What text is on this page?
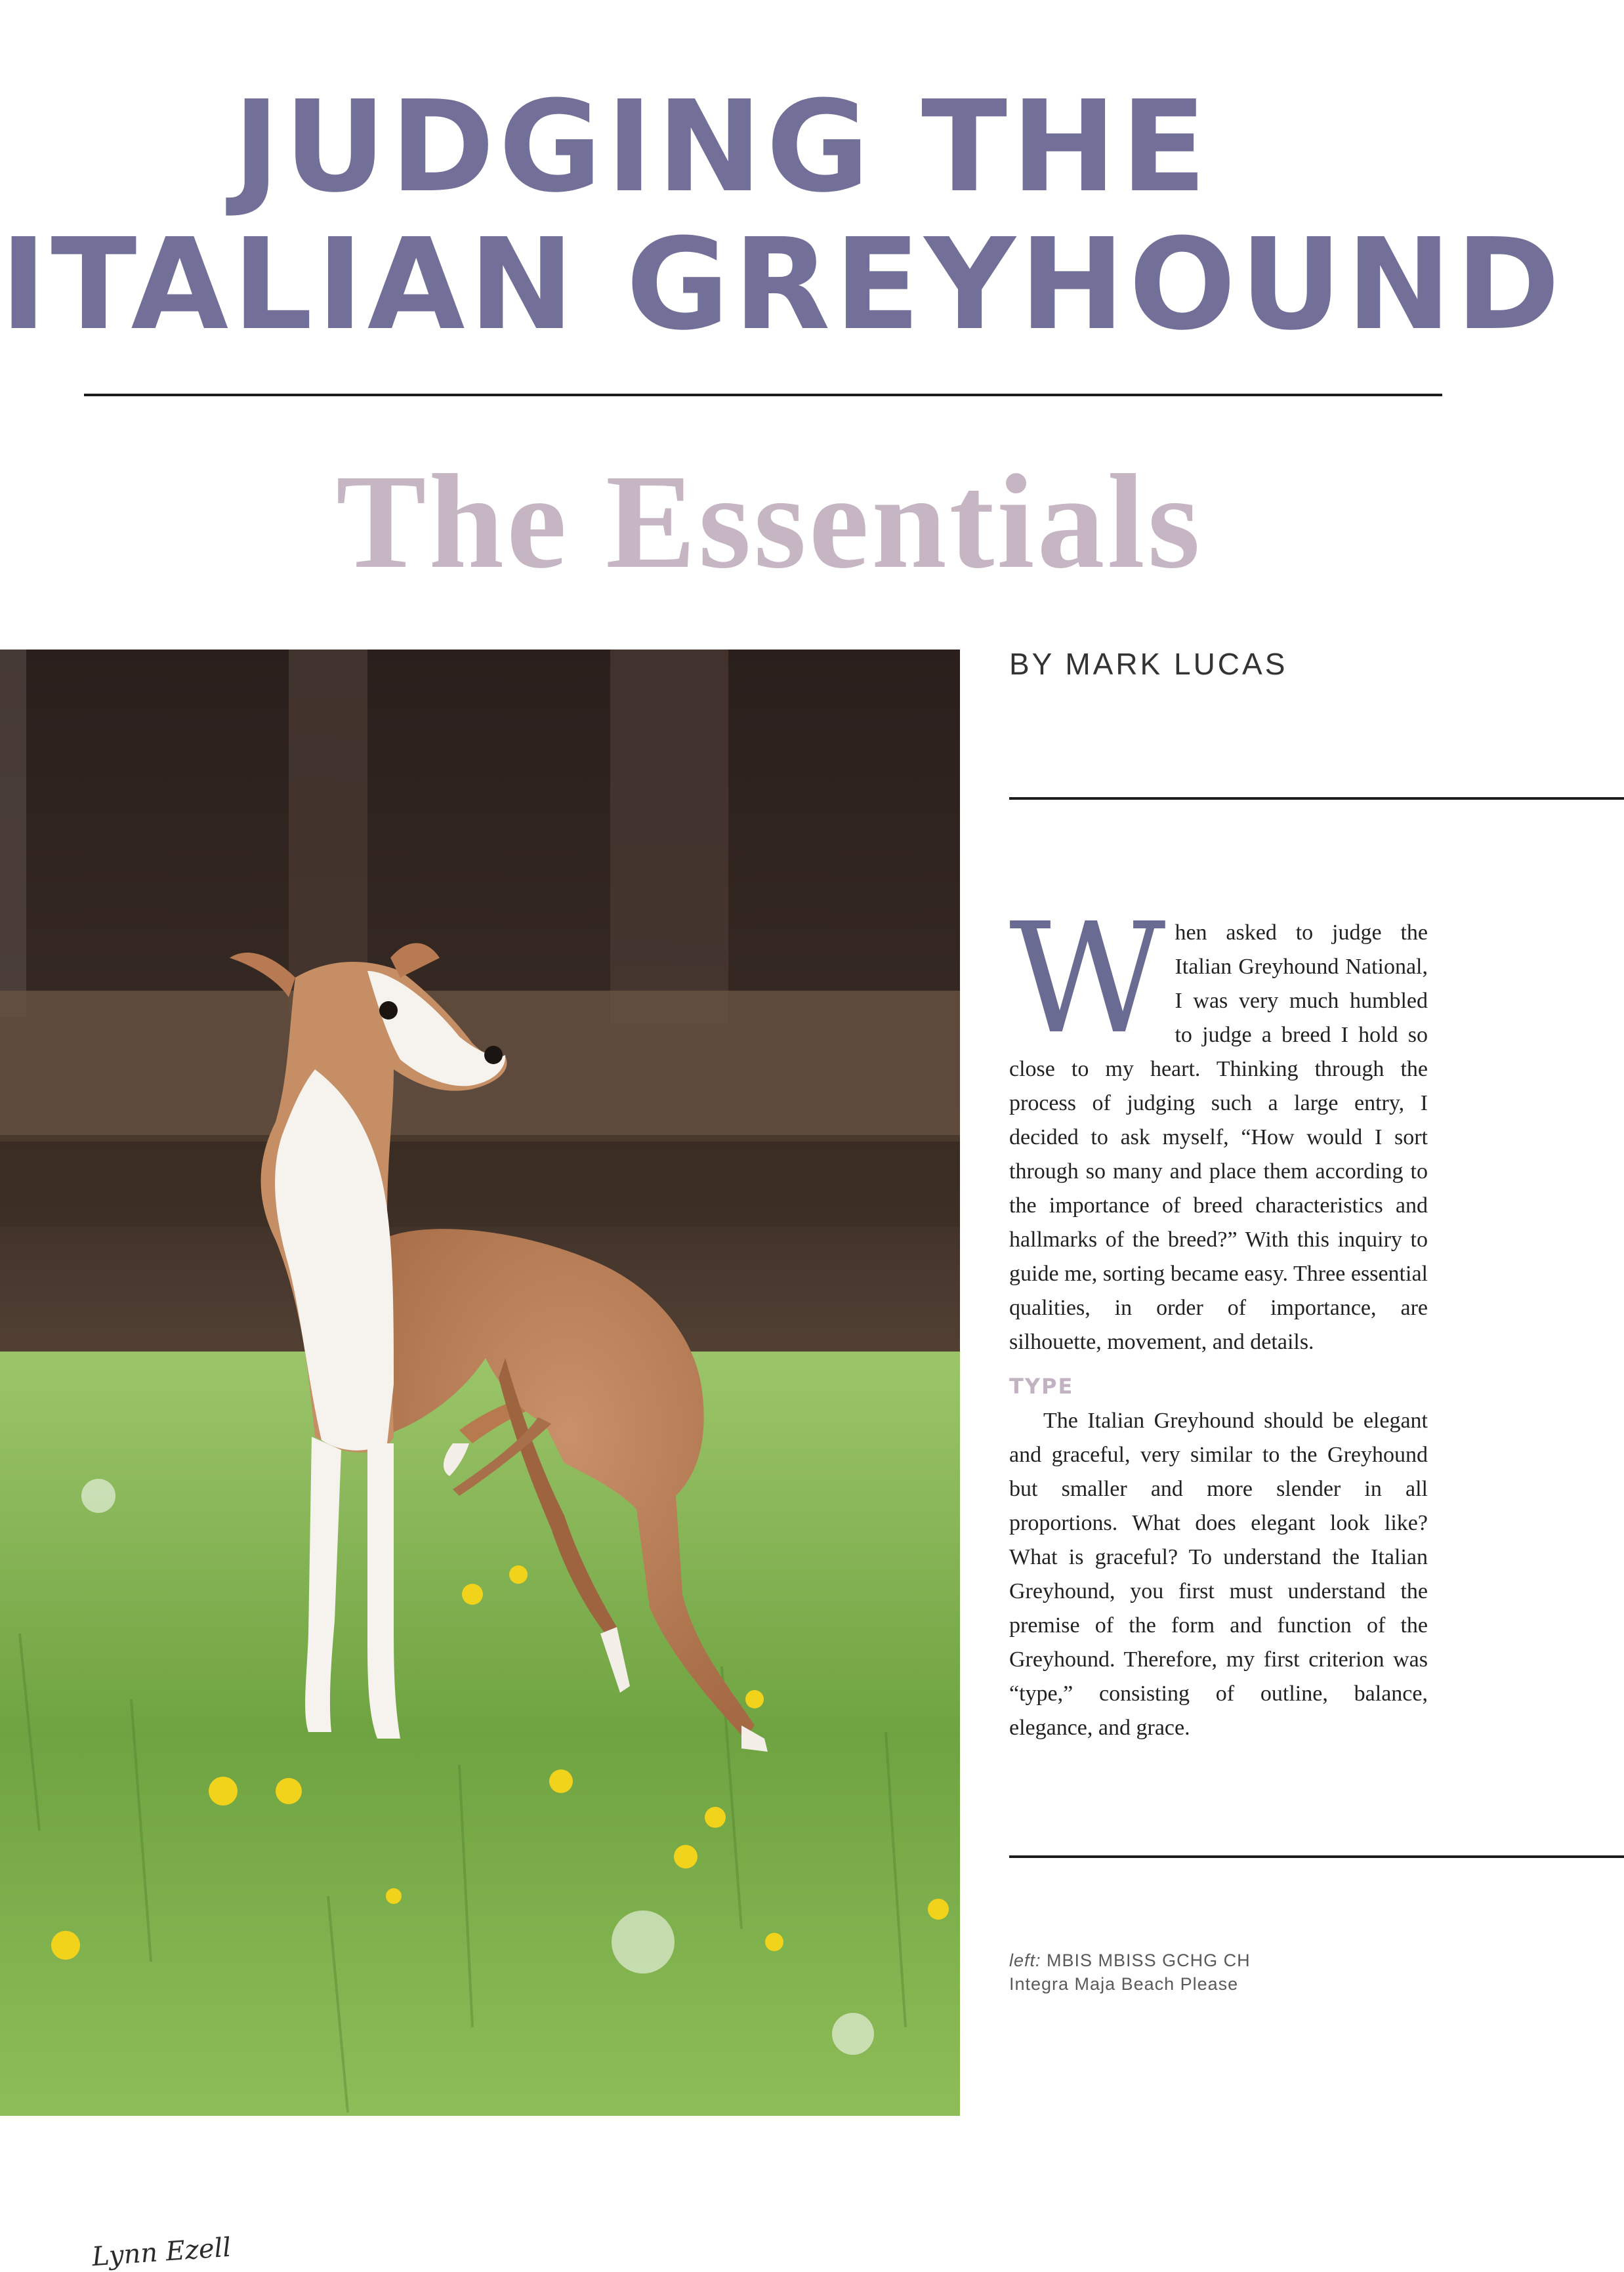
JUDGING THE
ITALIAN GREYHOUND
The Essentials
Lynn Ezell
BY MARK LUCAS

When asked to judge the Italian Greyhound National, I was very much humbled to judge a breed I hold so close to my heart. Thinking through the process of judging such a large entry, I decided to ask myself, “How would I sort through so many and place them according to the importance of breed characteristics and hallmarks of the breed?” With this inquiry to guide me, sorting became easy. Three essential qualities, in order of importance, are silhouette, movement, and details.

TYPE

The Italian Greyhound should be elegant and graceful, very similar to the Greyhound but smaller and more slender in all proportions. What does elegant look like? What is graceful? To understand the Italian Greyhound, you first must understand the premise of the form and function of the Greyhound. Therefore, my first criterion was “type,” consisting of outline, balance, elegance, and grace.

left: MBIS MBISS GCHG CH
Integra Maja Beach Please
